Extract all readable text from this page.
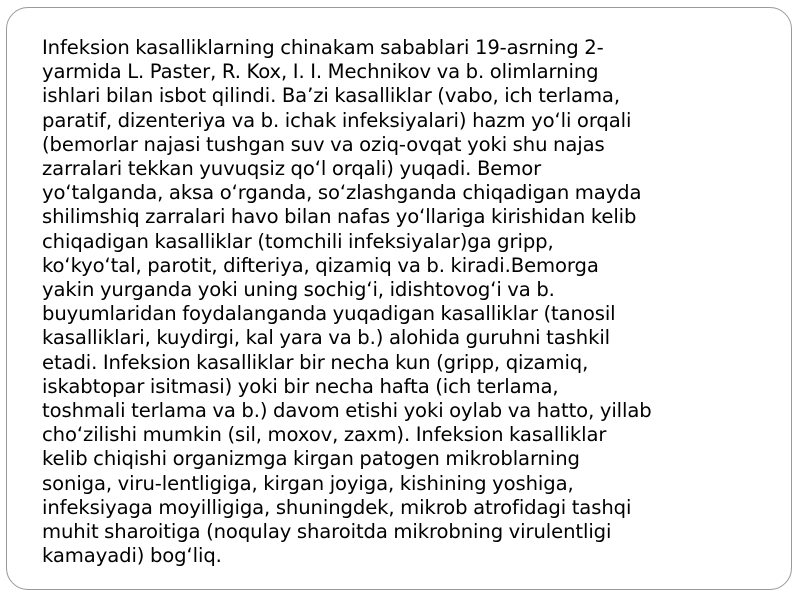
Infeksion kasalliklarning chinakam sabablari 19-asrning 2-
yarmida L. Paster, R. Kox, I. I. Mechnikov va b. olimlarning
ishlari bilan isbot qilindi. Ba’zi kasalliklar (vabo, ich terlama,
paratif, dizenteriya va b. ichak infeksiyalari) hazm yo‘li orqali
(bemorlar najasi tushgan suv va oziq-ovqat yoki shu najas
zarralari tekkan yuvuqsiz qo‘l orqali) yuqadi. Bemor
yo‘talganda, aksa o‘rganda, so‘zlashganda chiqadigan mayda
shilimshiq zarralari havo bilan nafas yo‘llariga kirishidan kelib
chiqadigan kasalliklar (tomchili infeksiyalar)ga gripp,
ko‘kyo‘tal, parotit, difteriya, qizamiq va b. kiradi.Bemorga
yakin yurganda yoki uning sochig‘i, idishtovog‘i va b.
buyumlaridan foydalanganda yuqadigan kasalliklar (tanosil
kasalliklari, kuydirgi, kal yara va b.) alohida guruhni tashkil
etadi. Infeksion kasalliklar bir necha kun (gripp, qizamiq,
iskabtopar isitmasi) yoki bir necha hafta (ich terlama,
toshmali terlama va b.) davom etishi yoki oylab va hatto, yillab
cho‘zilishi mumkin (sil, moxov, zaxm). Infeksion kasalliklar
kelib chiqishi organizmga kirgan patogen mikroblarning
soniga, viru-lentligiga, kirgan joyiga, kishining yoshiga,
infeksiyaga moyilligiga, shuningdek, mikrob atrofidagi tashqi
muhit sharoitiga (noqulay sharoitda mikrobning virulentligi
kamayadi) bog‘liq.
